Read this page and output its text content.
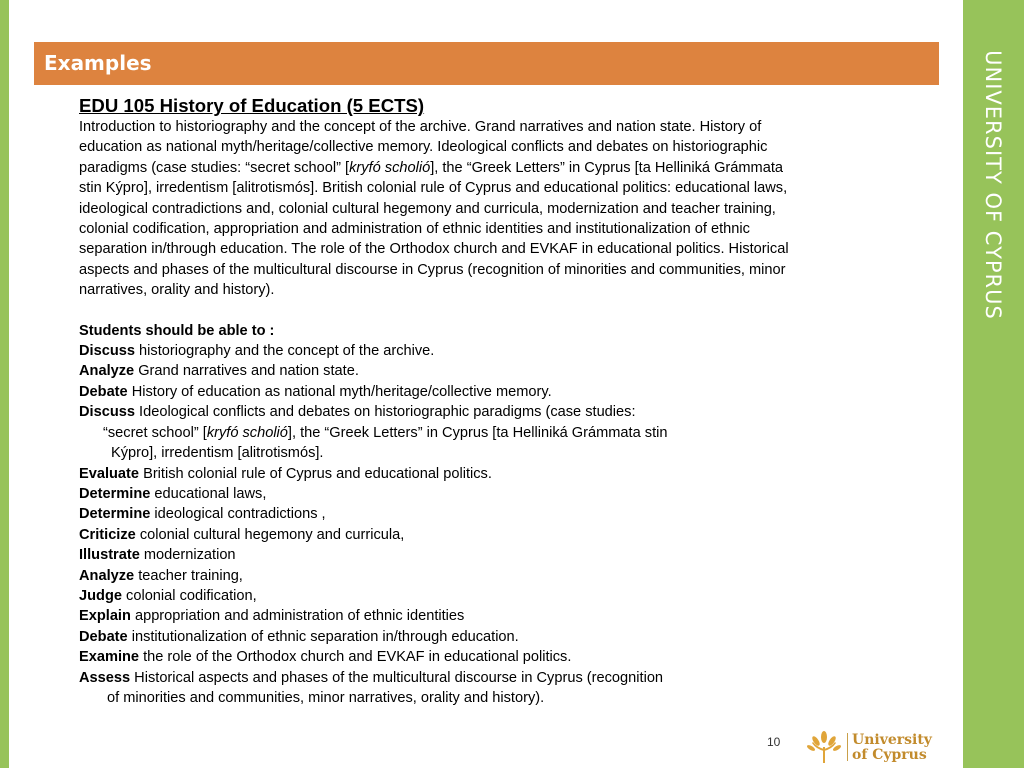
UNIVERSITY OF CYPRUS
Examples
EDU 105 History of Education (5 ECTS)
Introduction to historiography and the concept of the archive. Grand narratives and nation state. History of
education as national myth/heritage/collective memory. Ideological conflicts and debates on historiographic
paradigms (case studies: “secret school” [kryfó scholió], the “Greek Letters” in Cyprus [ta Helliniká Grámmata
stin Kýpro], irredentism [alitrotismós]. British colonial rule of Cyprus and educational politics: educational laws,
ideological contradictions and, colonial cultural hegemony and curricula, modernization and teacher training,
colonial codification, appropriation and administration of ethnic identities and institutionalization of ethnic
separation in/through education. The role of the Orthodox church and EVKAF in educational politics. Historical
aspects and phases of the multicultural discourse in Cyprus (recognition of minorities and communities, minor
narratives, orality and history).
Students should be able to :
Discuss historiography and the concept of the archive.
Analyze Grand narratives and nation state.
Debate History of education as national myth/heritage/collective memory.
Discuss Ideological conflicts and debates on historiographic paradigms (case studies:
“secret school” [kryfó scholió], the “Greek Letters” in Cyprus [ta Helliniká Grámmata stin
Kýpro], irredentism [alitrotismós].
Evaluate British colonial rule of Cyprus and educational politics.
Determine educational laws,
Determine ideological contradictions ,
Criticize colonial cultural hegemony and curricula,
Illustrate modernization
Analyze teacher training,
Judge colonial codification,
Explain appropriation and administration of ethnic identities
Debate institutionalization of ethnic separation in/through education.
Examine the role of the Orthodox church and EVKAF in educational politics.
Assess Historical aspects and phases of the multicultural discourse in Cyprus (recognition
of minorities and communities, minor narratives, orality and history).
10	University
of Cyprus
